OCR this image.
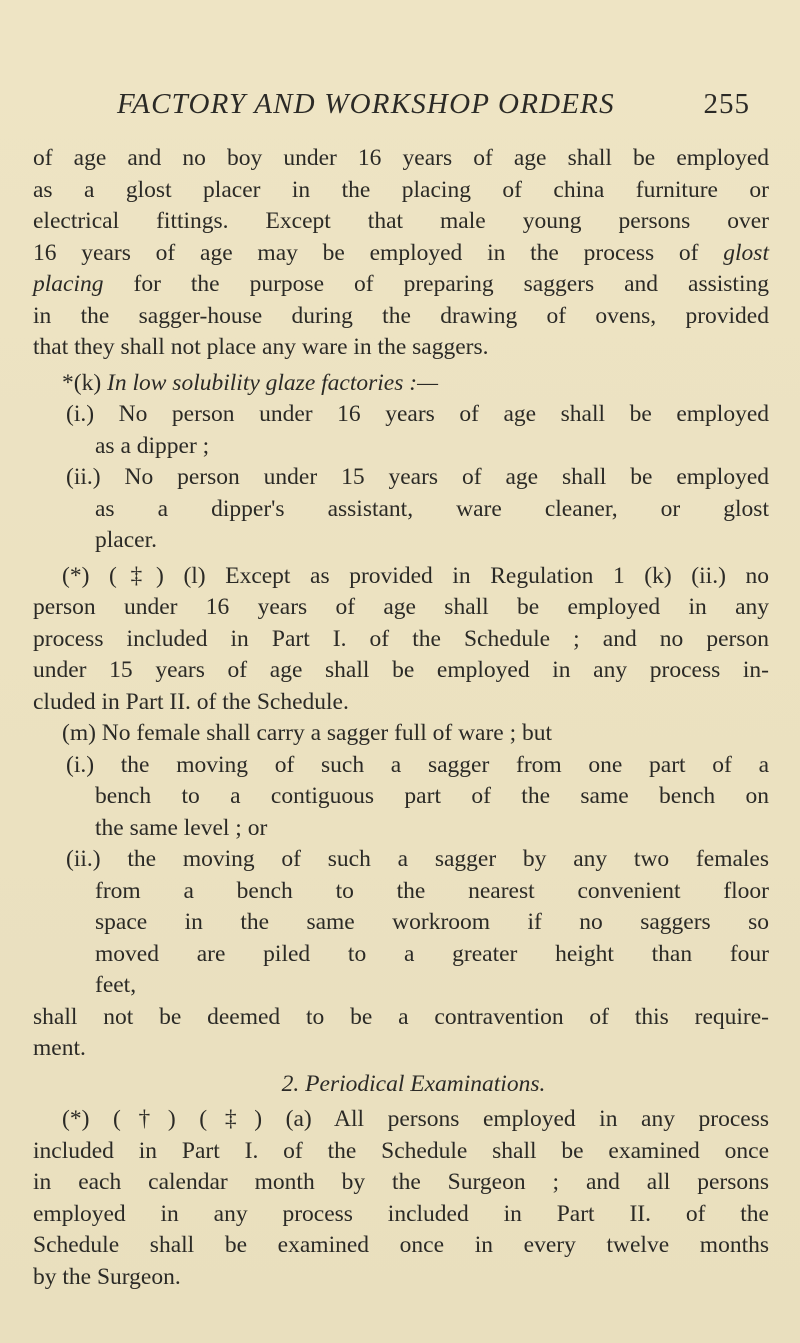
FACTORY AND WORKSHOP ORDERS	255
of age and no boy under 16 years of age shall be employed
as a glost placer in the placing of china furniture or
electrical fittings. Except that male young persons over
16 years of age may be employed in the process of glost
placing for the purpose of preparing saggers and assisting
in the sagger-house during the drawing of ovens, provided
that they shall not place any ware in the saggers.
*(k) In low solubility glaze factories :—
(i.) No person under 16 years of age shall be employed
as a dipper ;
(ii.) No person under 15 years of age shall be employed
as a dipper's assistant, ware cleaner, or glost
placer.
(*) (‡) (l) Except as provided in Regulation 1 (k) (ii.) no
person under 16 years of age shall be employed in any
process included in Part I. of the Schedule ; and no person
under 15 years of age shall be employed in any process in-
cluded in Part II. of the Schedule.
(m) No female shall carry a sagger full of ware ; but
(i.) the moving of such a sagger from one part of a
bench to a contiguous part of the same bench on
the same level ; or
(ii.) the moving of such a sagger by any two females
from a bench to the nearest convenient floor
space in the same workroom if no saggers so
moved are piled to a greater height than four
feet,
shall not be deemed to be a contravention of this require-
ment.
2. Periodical Examinations.
(*) (†) (‡) (a) All persons employed in any process
included in Part I. of the Schedule shall be examined once
in each calendar month by the Surgeon ; and all persons
employed in any process included in Part II. of the
Schedule shall be examined once in every twelve months
by the Surgeon.
